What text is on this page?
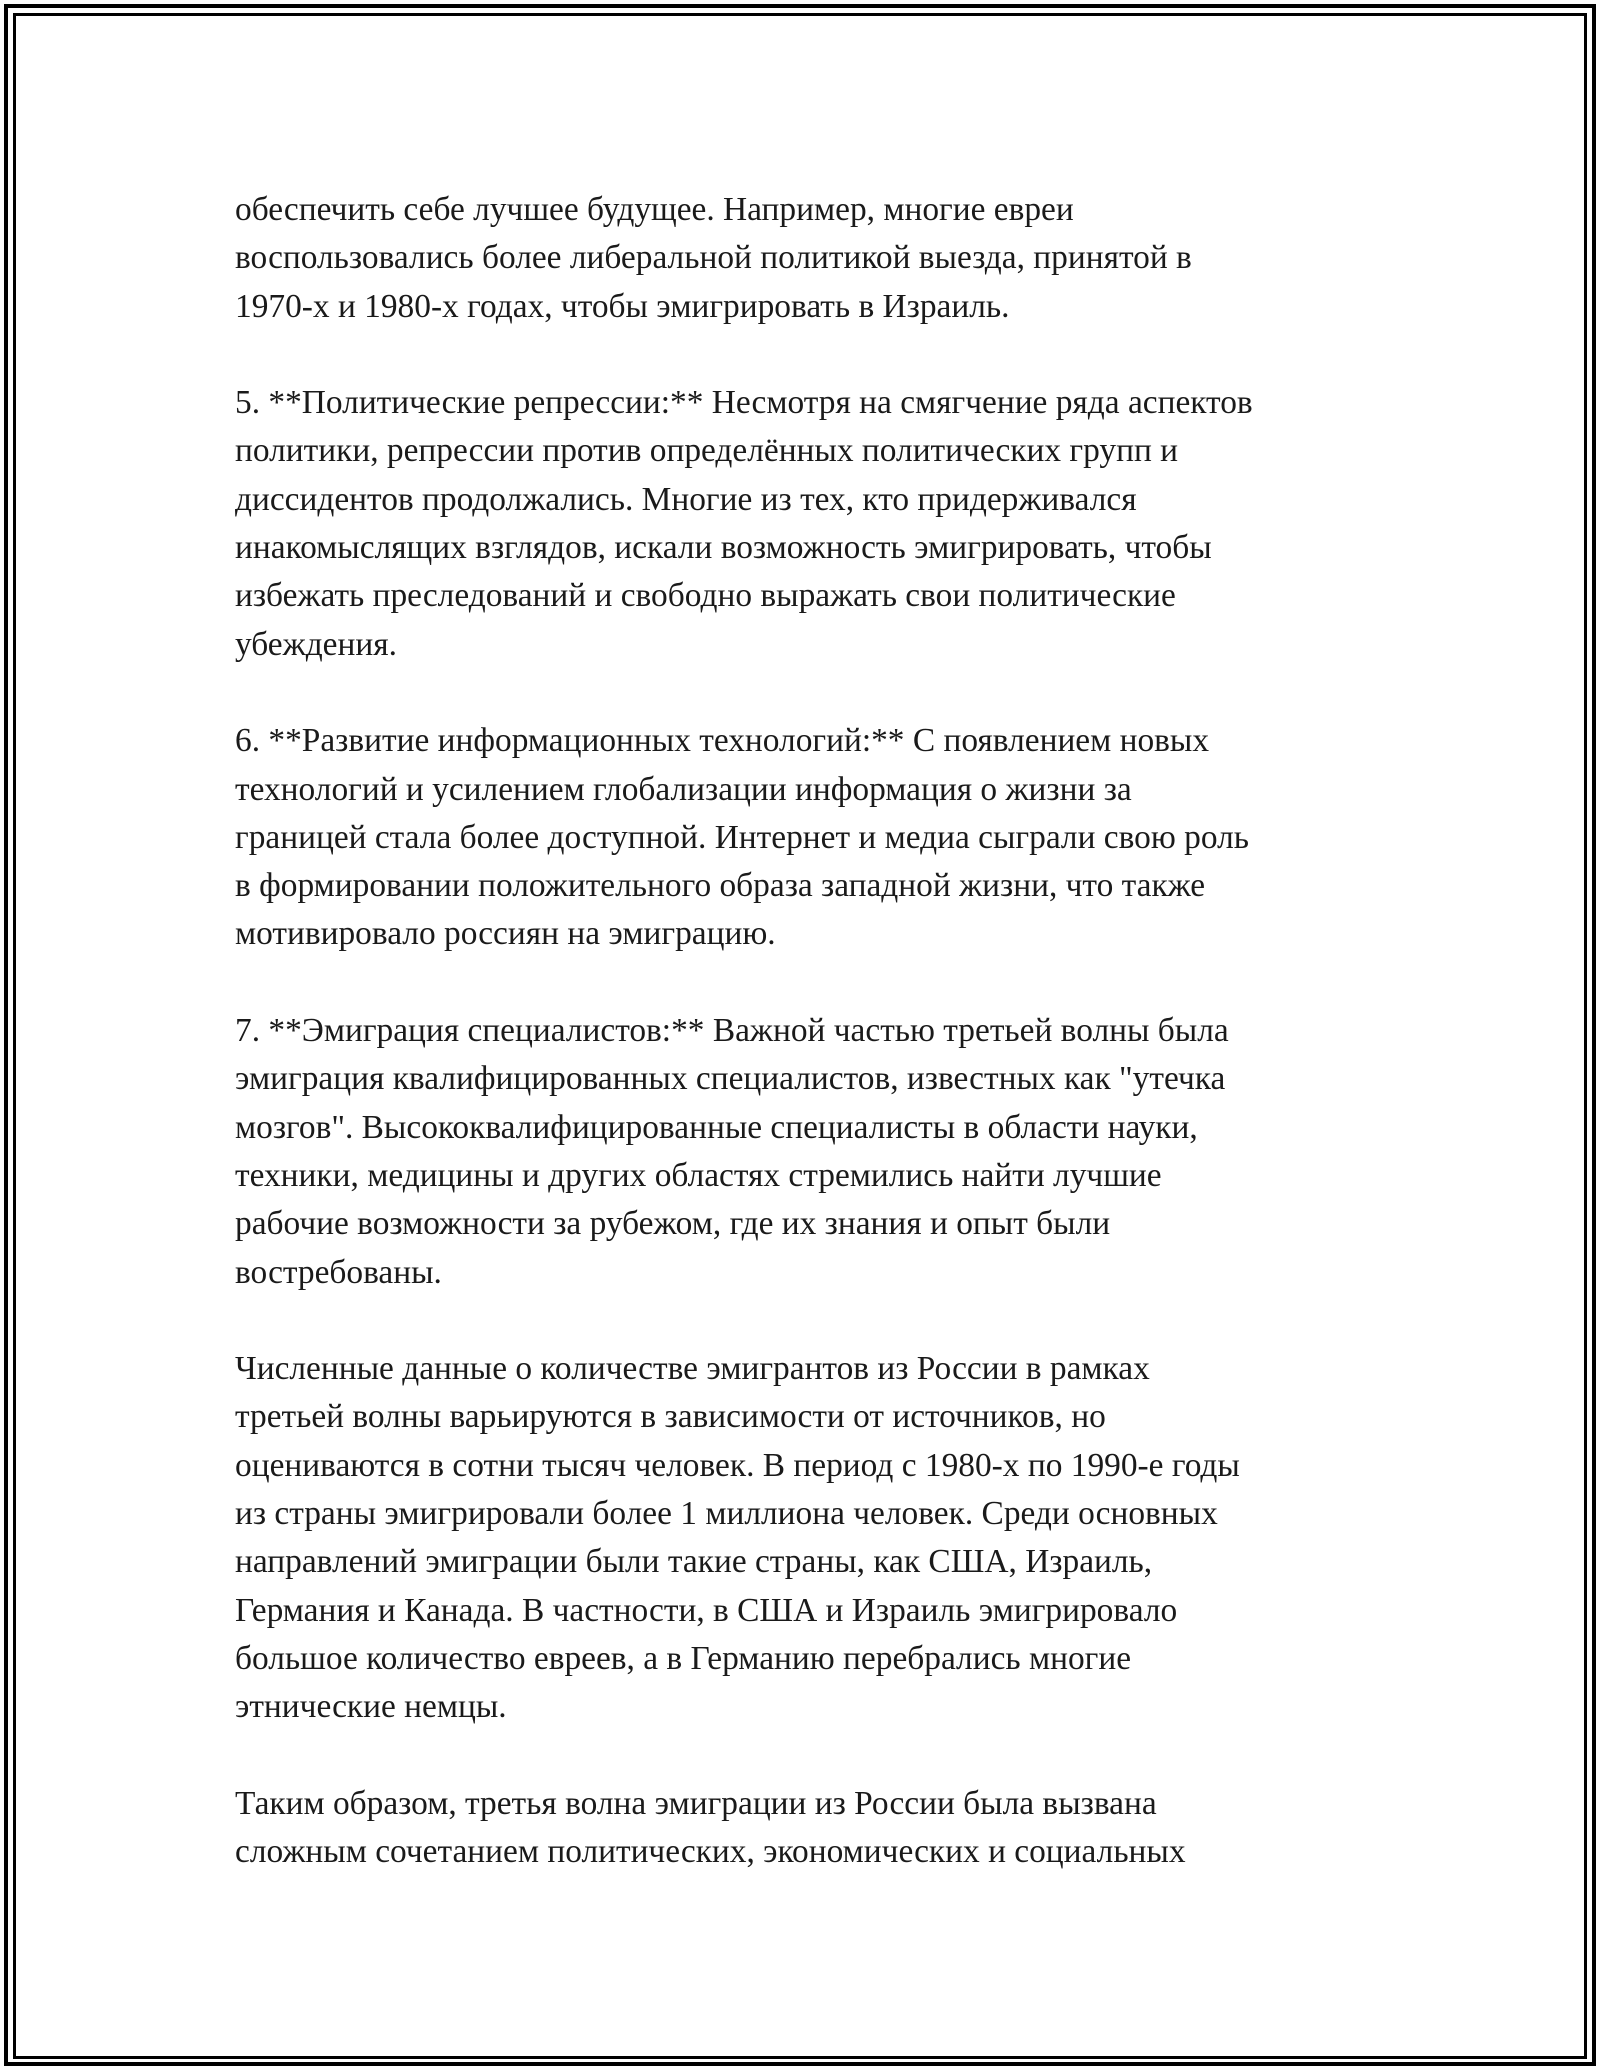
обеспечить себе лучшее будущее. Например, многие евреи
воспользовались более либеральной политикой выезда, принятой в
1970-х и 1980-х годах, чтобы эмигрировать в Израиль.

5. **Политические репрессии:** Несмотря на смягчение ряда аспектов
политики, репрессии против определённых политических групп и
диссидентов продолжались. Многие из тех, кто придерживался
инакомыслящих взглядов, искали возможность эмигрировать, чтобы
избежать преследований и свободно выражать свои политические
убеждения.

6. **Развитие информационных технологий:** С появлением новых
технологий и усилением глобализации информация о жизни за
границей стала более доступной. Интернет и медиа сыграли свою роль
в формировании положительного образа западной жизни, что также
мотивировало россиян на эмиграцию.

7. **Эмиграция специалистов:** Важной частью третьей волны была
эмиграция квалифицированных специалистов, известных как "утечка
мозгов". Высококвалифицированные специалисты в области науки,
техники, медицины и других областях стремились найти лучшие
рабочие возможности за рубежом, где их знания и опыт были
востребованы.

Численные данные о количестве эмигрантов из России в рамках
третьей волны варьируются в зависимости от источников, но
оцениваются в сотни тысяч человек. В период с 1980-х по 1990-е годы
из страны эмигрировали более 1 миллиона человек. Среди основных
направлений эмиграции были такие страны, как США, Израиль,
Германия и Канада. В частности, в США и Израиль эмигрировало
большое количество евреев, а в Германию перебрались многие
этнические немцы.

Таким образом, третья волна эмиграции из России была вызвана
сложным сочетанием политических, экономических и социальных
